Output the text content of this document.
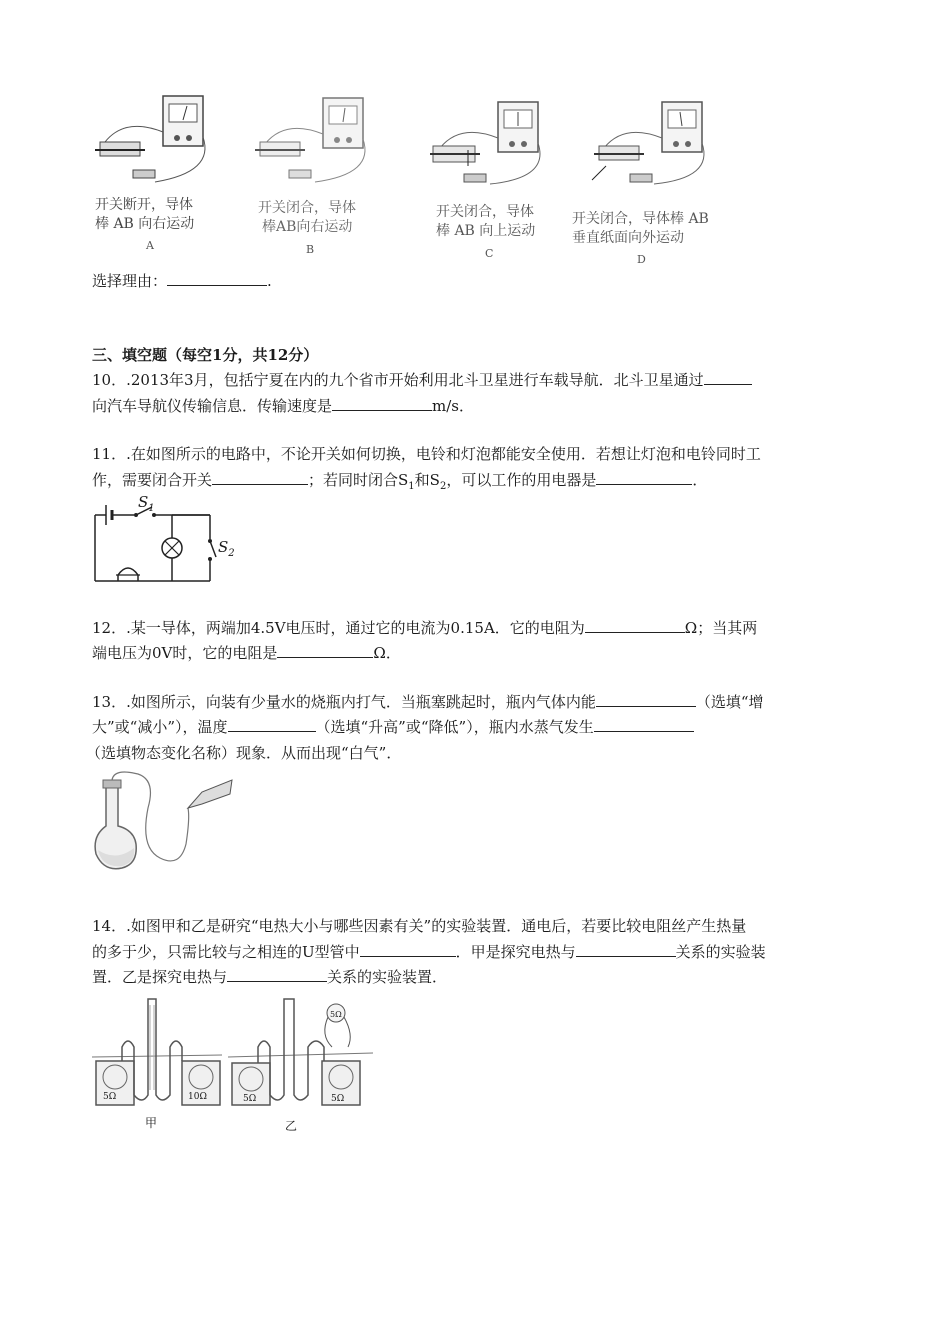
开关断开，导体
棒 AB 向右运动
A
开关闭合，导体
棒AB向右运动
B
开关闭合，导体
棒 AB 向上运动
C
开关闭合，导体棒 AB
垂直纸面向外运动
D
选择理由：	.
三、填空题（每空1分，共12分）
10．.2013年3月，包括宁夏在内的九个省市开始利用北斗卫星进行车载导航．北斗卫星通过
向汽车导航仪传输信息．传输速度是	m/s．
11．.在如图所示的电路中，不论开关如何切换，电铃和灯泡都能安全使用．若想让灯泡和电铃同时工
作，需要闭合开关	；若同时闭合$S_1$和$S_2$，可以工作的用电器是	．
$S_1$
$S_2$
12．.某一导体，两端加4.5V电压时，通过它的电流为0.15A．它的电阻为	Ω；当其两
端电压为0V时，它的电阻是	Ω．
13．.如图所示，向装有少量水的烧瓶内打气．当瓶塞跳起时，瓶内气体内能	（选填“增
大”或“减小”），温度	（选填“升高”或“降低”），瓶内水蒸气发生
（选填物态变化名称）现象．从而出现“白气”．
14．.如图甲和乙是研究“电热大小与哪些因素有关”的实验装置．通电后，若要比较电阻丝产生热量
的多于少，只需比较与之相连的U型管中	．甲是探究电热与	关系的实验装
置．乙是探究电热与	关系的实验装置．
5Ω	10Ω
甲
5Ω
5Ω
5Ω
乙
